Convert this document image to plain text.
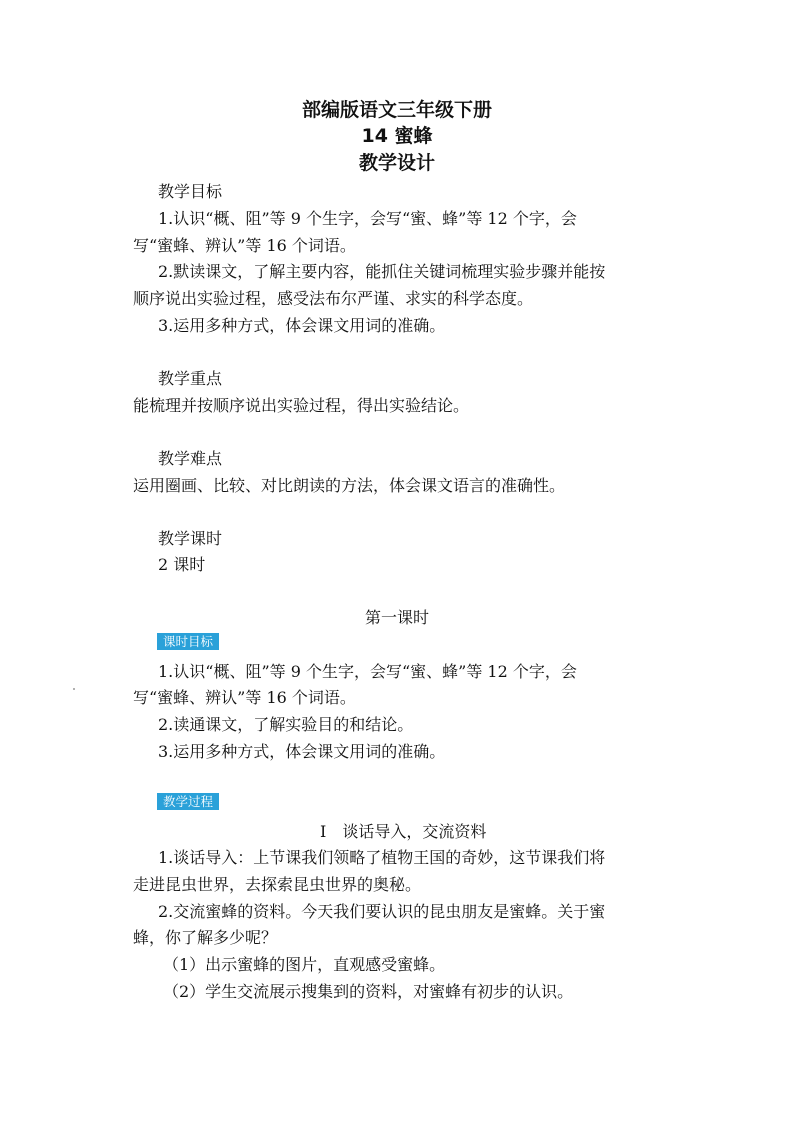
部编版语文三年级下册
14 蜜蜂
教学设计
教学目标
1.认识“概、阻”等 9 个生字，会写“蜜、蜂”等 12 个字，会
写“蜜蜂、辨认”等 16 个词语。
2.默读课文，了解主要内容，能抓住关键词梳理实验步骤并能按
顺序说出实验过程，感受法布尔严谨、求实的科学态度。
3.运用多种方式，体会课文用词的准确。
教学重点
能梳理并按顺序说出实验过程，得出实验结论。
教学难点
运用圈画、比较、对比朗读的方法，体会课文语言的准确性。
教学课时
2 课时
第一课时
课时目标
1.认识“概、阻”等 9 个生字，会写“蜜、蜂”等 12 个字，会
写“蜜蜂、辨认”等 16 个词语。
2.读通课文，了解实验目的和结论。
3.运用多种方式，体会课文用词的准确。
教学过程
Ⅰ　谈话导入，交流资料
1.谈话导入：上节课我们领略了植物王国的奇妙，这节课我们将
走进昆虫世界，去探索昆虫世界的奥秘。
2.交流蜜蜂的资料。今天我们要认识的昆虫朋友是蜜蜂。关于蜜
蜂，你了解多少呢？
（1）出示蜜蜂的图片，直观感受蜜蜂。
（2）学生交流展示搜集到的资料，对蜜蜂有初步的认识。
